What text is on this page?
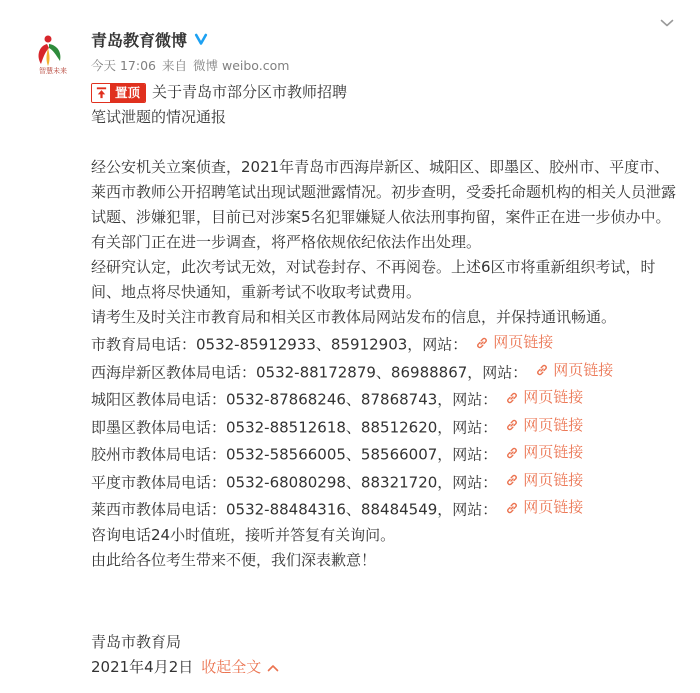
智慧未来
青岛教育微博
今天 17:06 来自 微博 weibo.com
置顶 关于青岛市部分区市教师招聘

笔试泄题的情况通报

经公安机关立案侦查，2021年青岛市西海岸新区、城阳区、即墨区、胶州市、平度市、莱西市教师公开招聘笔试出现试题泄露情况。初步查明，受委托命题机构的相关人员泄露试题、涉嫌犯罪，目前已对涉案5名犯罪嫌疑人依法刑事拘留，案件正在进一步侦办中。有关部门正在进一步调查，将严格依规依纪依法作出处理。

经研究认定，此次考试无效，对试卷封存、不再阅卷。上述6区市将重新组织考试，时间、地点将尽快通知，重新考试不收取考试费用。

请考生及时关注市教育局和相关区市教体局网站发布的信息，并保持通讯畅通。

市教育局电话：0532-85912933、85912903，网站： 网页链接

西海岸新区教体局电话：0532-88172879、86988867，网站： 网页链接

城阳区教体局电话：0532-87868246、87868743，网站： 网页链接

即墨区教体局电话：0532-88512618、88512620，网站： 网页链接

胶州市教体局电话：0532-58566005、58566007，网站： 网页链接

平度市教体局电话：0532-68080298、88321720，网站： 网页链接

莱西市教体局电话：0532-88484316、88484549，网站： 网页链接

咨询电话24小时值班，接听并答复有关询问。

由此给各位考生带来不便，我们深表歉意！

青岛市教育局

2021年4月2日 收起全文
